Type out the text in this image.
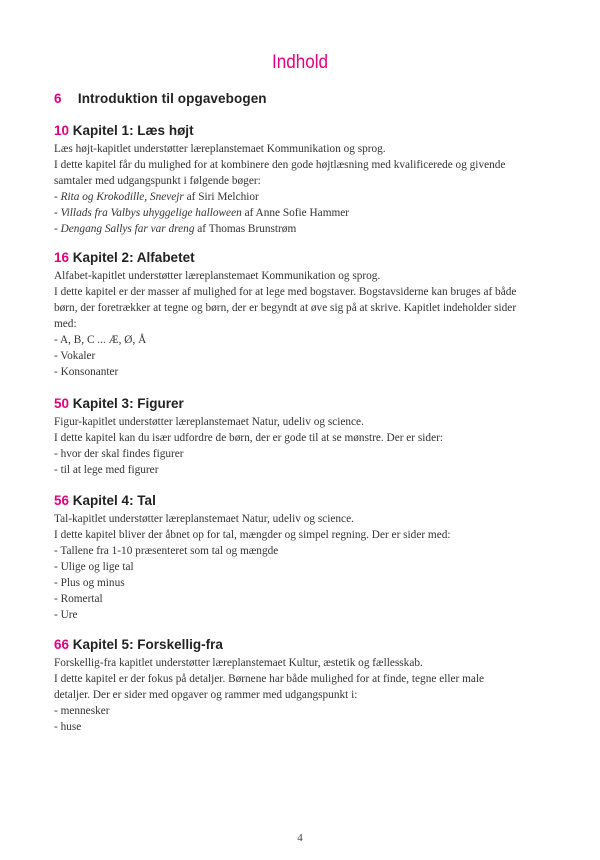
Indhold
6 Introduktion til opgavebogen
10 Kapitel 1: Læs højt
Læs højt-kapitlet understøtter læreplanstemaet Kommunikation og sprog.
I dette kapitel får du mulighed for at kombinere den gode højtlæsning med kvalificerede og givende
samtaler med udgangspunkt i følgende bøger:
- Rita og Krokodille, Snevejr af Siri Melchior
- Villads fra Valbys uhyggelige halloween af Anne Sofie Hammer
- Dengang Sallys far var dreng af Thomas Brunstrøm
16 Kapitel 2: Alfabetet
Alfabet-kapitlet understøtter læreplanstemaet Kommunikation og sprog.
I dette kapitel er der masser af mulighed for at lege med bogstaver. Bogstavsiderne kan bruges af både
børn, der foretrækker at tegne og børn, der er begyndt at øve sig på at skrive. Kapitlet indeholder sider
med:
- A, B, C ... Æ, Ø, Å
- Vokaler
- Konsonanter
50 Kapitel 3: Figurer
Figur-kapitlet understøtter læreplanstemaet Natur, udeliv og science.
I dette kapitel kan du især udfordre de børn, der er gode til at se mønstre. Der er sider:
- hvor der skal findes figurer
- til at lege med figurer
56 Kapitel 4: Tal
Tal-kapitlet understøtter læreplanstemaet Natur, udeliv og science.
I dette kapitel bliver der åbnet op for tal, mængder og simpel regning. Der er sider med:
- Tallene fra 1-10 præsenteret som tal og mængde
- Ulige og lige tal
- Plus og minus
- Romertal
- Ure
66 Kapitel 5: Forskellig-fra
Forskellig-fra kapitlet understøtter læreplanstemaet Kultur, æstetik og fællesskab.
I dette kapitel er der fokus på detaljer. Børnene har både mulighed for at finde, tegne eller male
detaljer. Der er sider med opgaver og rammer med udgangspunkt i:
- mennesker
- huse
4
